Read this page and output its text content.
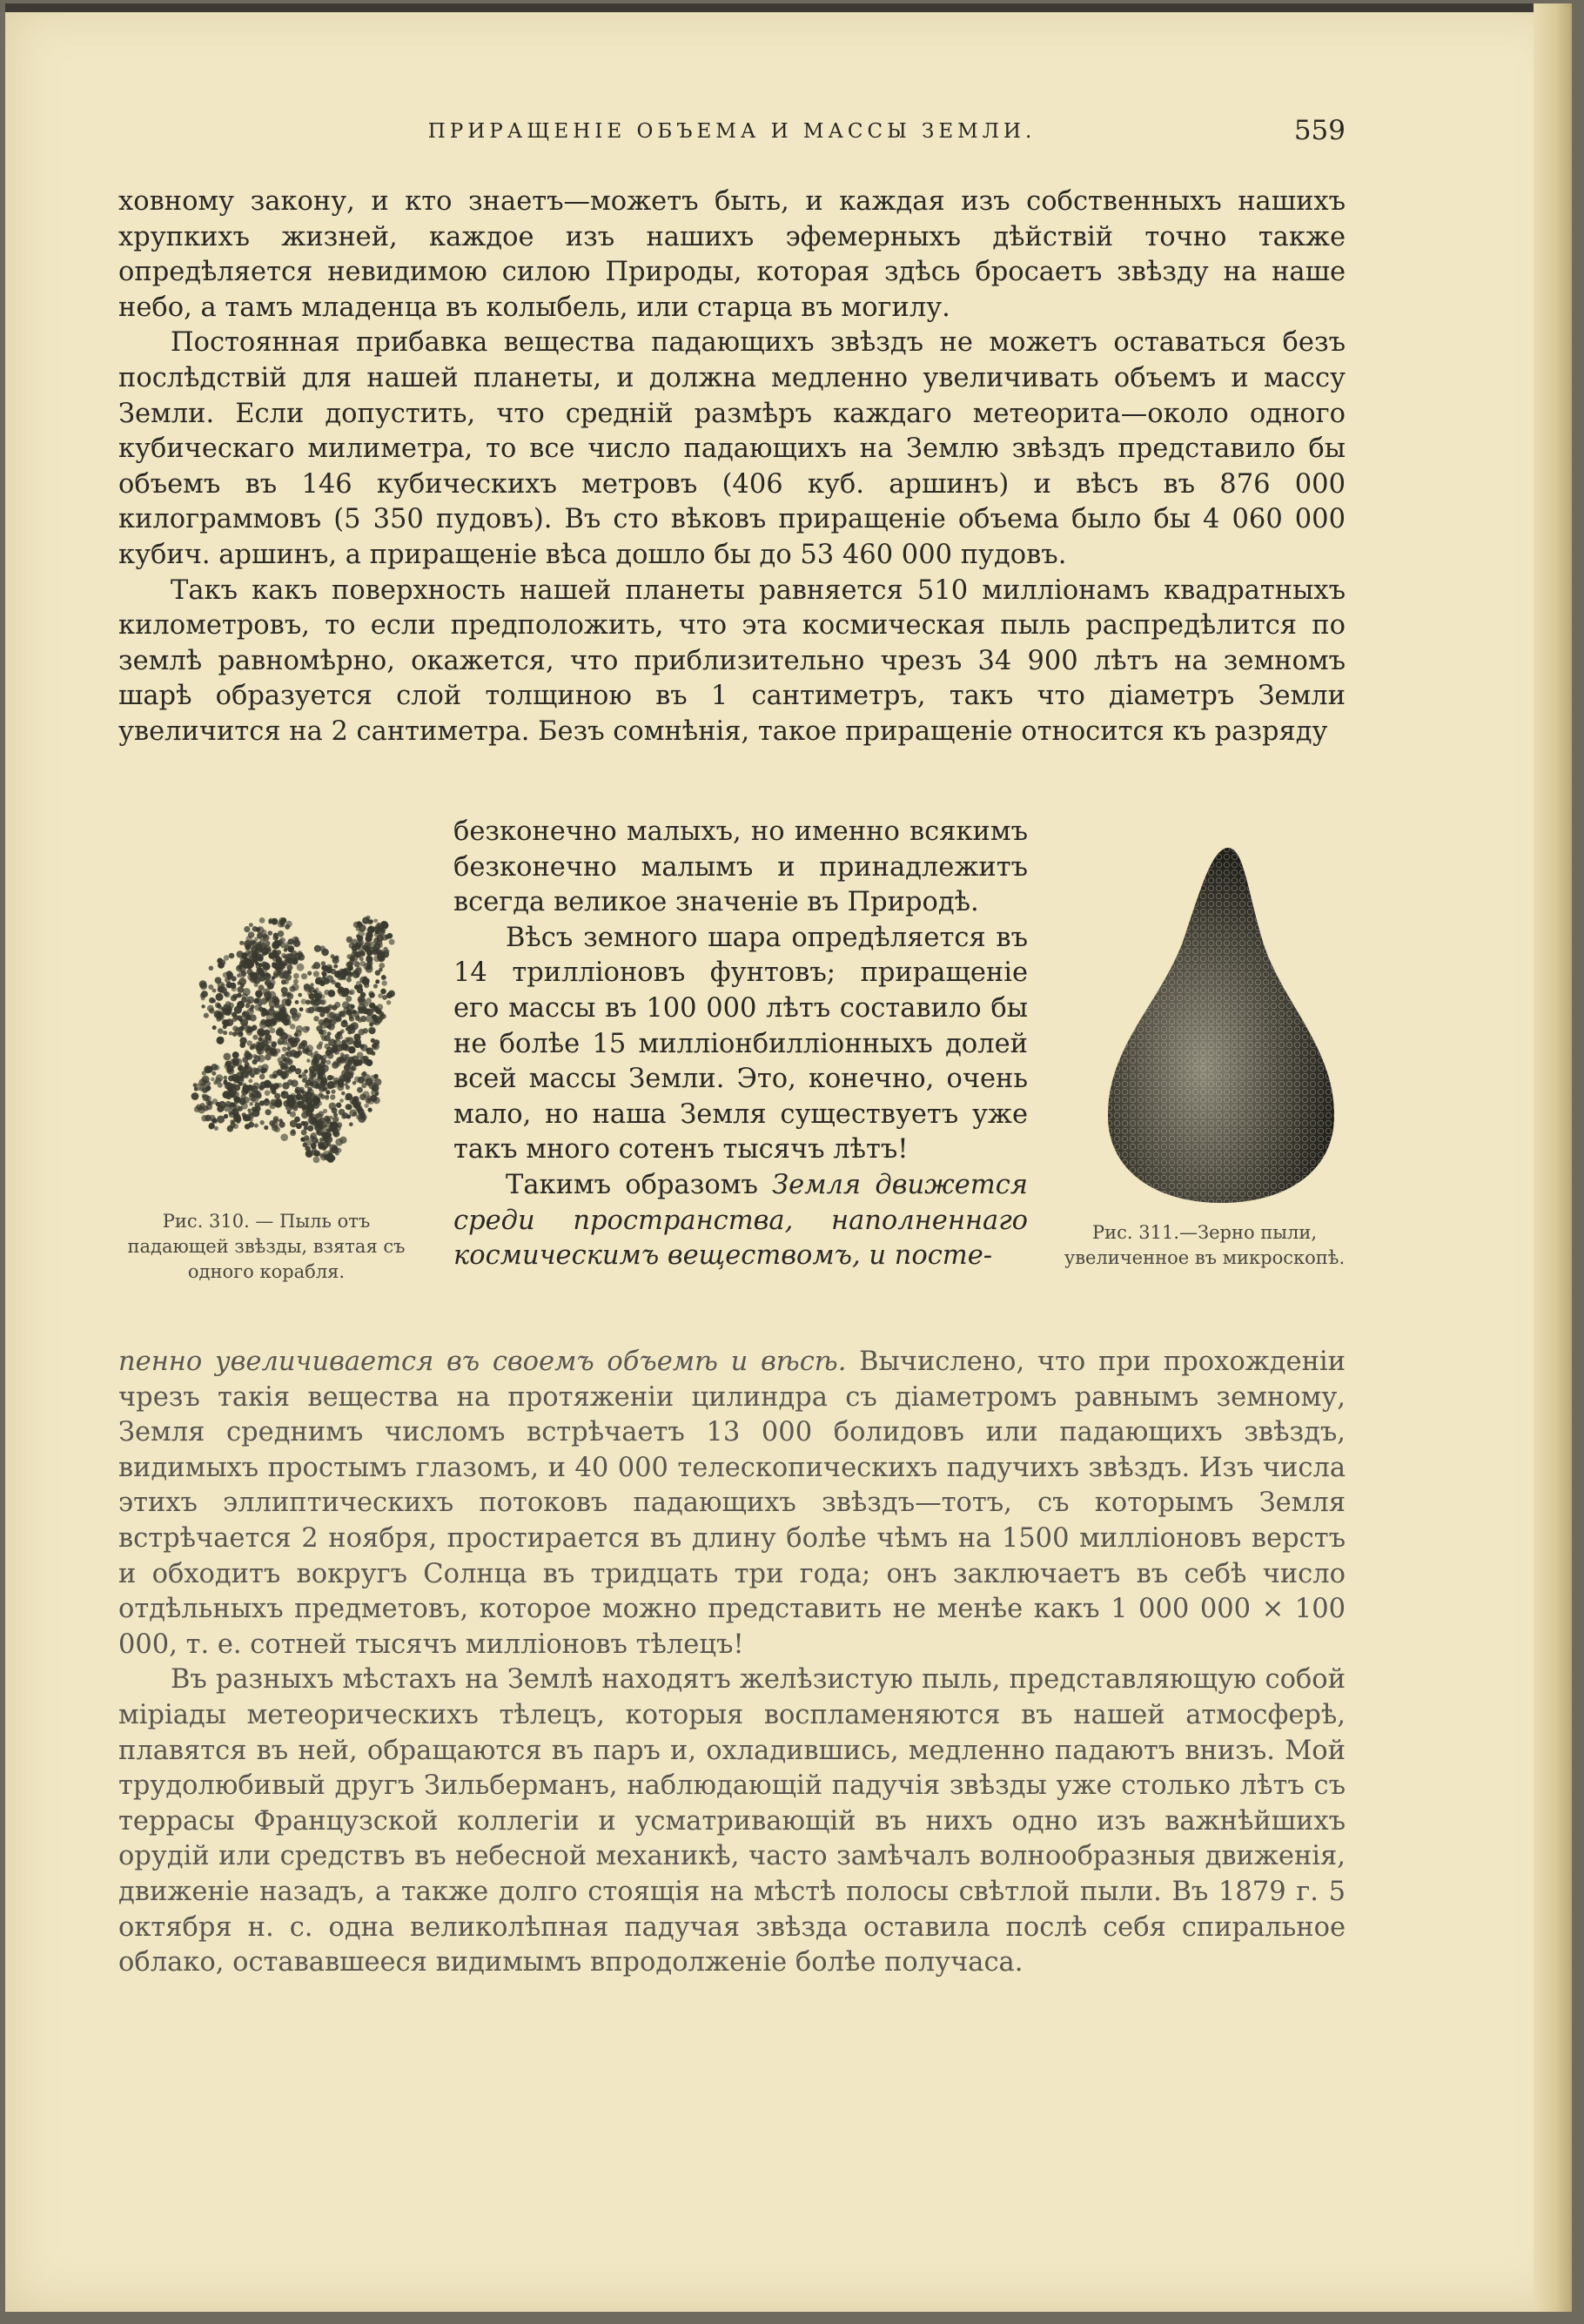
ПРИРАЩЕНІЕ ОБЪЕМА И МАССЫ ЗЕМЛИ.	559

ховному закону, и кто знаетъ—можетъ быть, и каждая изъ собственныхъ нашихъ хрупкихъ жизней, каждое изъ нашихъ эфемерныхъ дѣйствій точно также опредѣляется невидимою силою Природы, которая здѣсь бросаетъ звѣзду на наше небо, а тамъ младенца въ колыбель, или старца въ могилу.

Постоянная прибавка вещества падающихъ звѣздъ не можетъ оставаться безъ послѣдствій для нашей планеты, и должна медленно увеличивать объемъ и массу Земли. Если допустить, что средній размѣръ каждаго метеорита—около одного кубическаго милиметра, то все число падающихъ на Землю звѣздъ представило бы объемъ въ 146 кубическихъ метровъ (406 куб. аршинъ) и вѣсъ въ 876 000 килограммовъ (5 350 пудовъ). Въ сто вѣковъ приращеніе объема было бы 4 060 000 кубич. аршинъ, а приращеніе вѣса дошло бы до 53 460 000 пудовъ.

Такъ какъ поверхность нашей планеты равняется 510 милліонамъ квадратныхъ километровъ, то если предположить, что эта космическая пыль распредѣлится по землѣ равномѣрно, окажется, что приблизительно чрезъ 34 900 лѣтъ на земномъ шарѣ образуется слой толщиною въ 1 сантиметръ, такъ что діаметръ Земли увеличится на 2 сантиметра. Безъ сомнѣнія, такое приращеніе относится къ разряду

Рис. 310. — Пыль отъ падающей звѣзды, взятая съ одного корабля.

безконечно малыхъ, но именно всякимъ безконечно малымъ и принадлежитъ всегда великое значеніе въ Природѣ.

Вѣсъ земного шара опредѣляется въ 14 трилліоновъ фунтовъ; приращеніе его массы въ 100 000 лѣтъ составило бы не болѣе 15 милліонбилліонныхъ долей всей массы Земли. Это, конечно, очень мало, но наша Земля существуетъ уже такъ много сотенъ тысячъ лѣтъ!

Такимъ образомъ Земля движется среди пространства, наполненнаго космическимъ веществомъ, и посте-

Рис. 311.—Зерно пыли, увеличенное въ микроскопѣ.

пенно увеличивается въ своемъ объемѣ и вѣсѣ. Вычислено, что при прохожденіи чрезъ такія вещества на протяженіи цилиндра съ діаметромъ равнымъ земному, Земля среднимъ числомъ встрѣчаетъ 13 000 болидовъ или падающихъ звѣздъ, видимыхъ простымъ глазомъ, и 40 000 телескопическихъ падучихъ звѣздъ. Изъ числа этихъ эллиптическихъ потоковъ падающихъ звѣздъ—тотъ, съ которымъ Земля встрѣчается 2 ноября, простирается въ длину болѣе чѣмъ на 1500 милліоновъ верстъ и обходитъ вокругъ Солнца въ тридцать три года; онъ заключаетъ въ себѣ число отдѣльныхъ предметовъ, которое можно представить не менѣе какъ 1 000 000 × 100 000, т. е. сотней тысячъ милліоновъ тѣлецъ!

Въ разныхъ мѣстахъ на Землѣ находятъ желѣзистую пыль, представляющую собой міріады метеорическихъ тѣлецъ, которыя воспламеняются въ нашей атмосферѣ, плавятся въ ней, обращаются въ паръ и, охладившись, медленно падаютъ внизъ. Мой трудолюбивый другъ Зильберманъ, наблюдающій падучія звѣзды уже столько лѣтъ съ террасы Французской коллегіи и усматривающій въ нихъ одно изъ важнѣйшихъ орудій или средствъ въ небесной механикѣ, часто замѣчалъ волнообразныя движенія, движеніе назадъ, а также долго стоящія на мѣстѣ полосы свѣтлой пыли. Въ 1879 г. 5 октября н. с. одна великолѣпная падучая звѣзда оставила послѣ себя спиральное облако, остававшееся видимымъ впродолженіе болѣе получаса.
